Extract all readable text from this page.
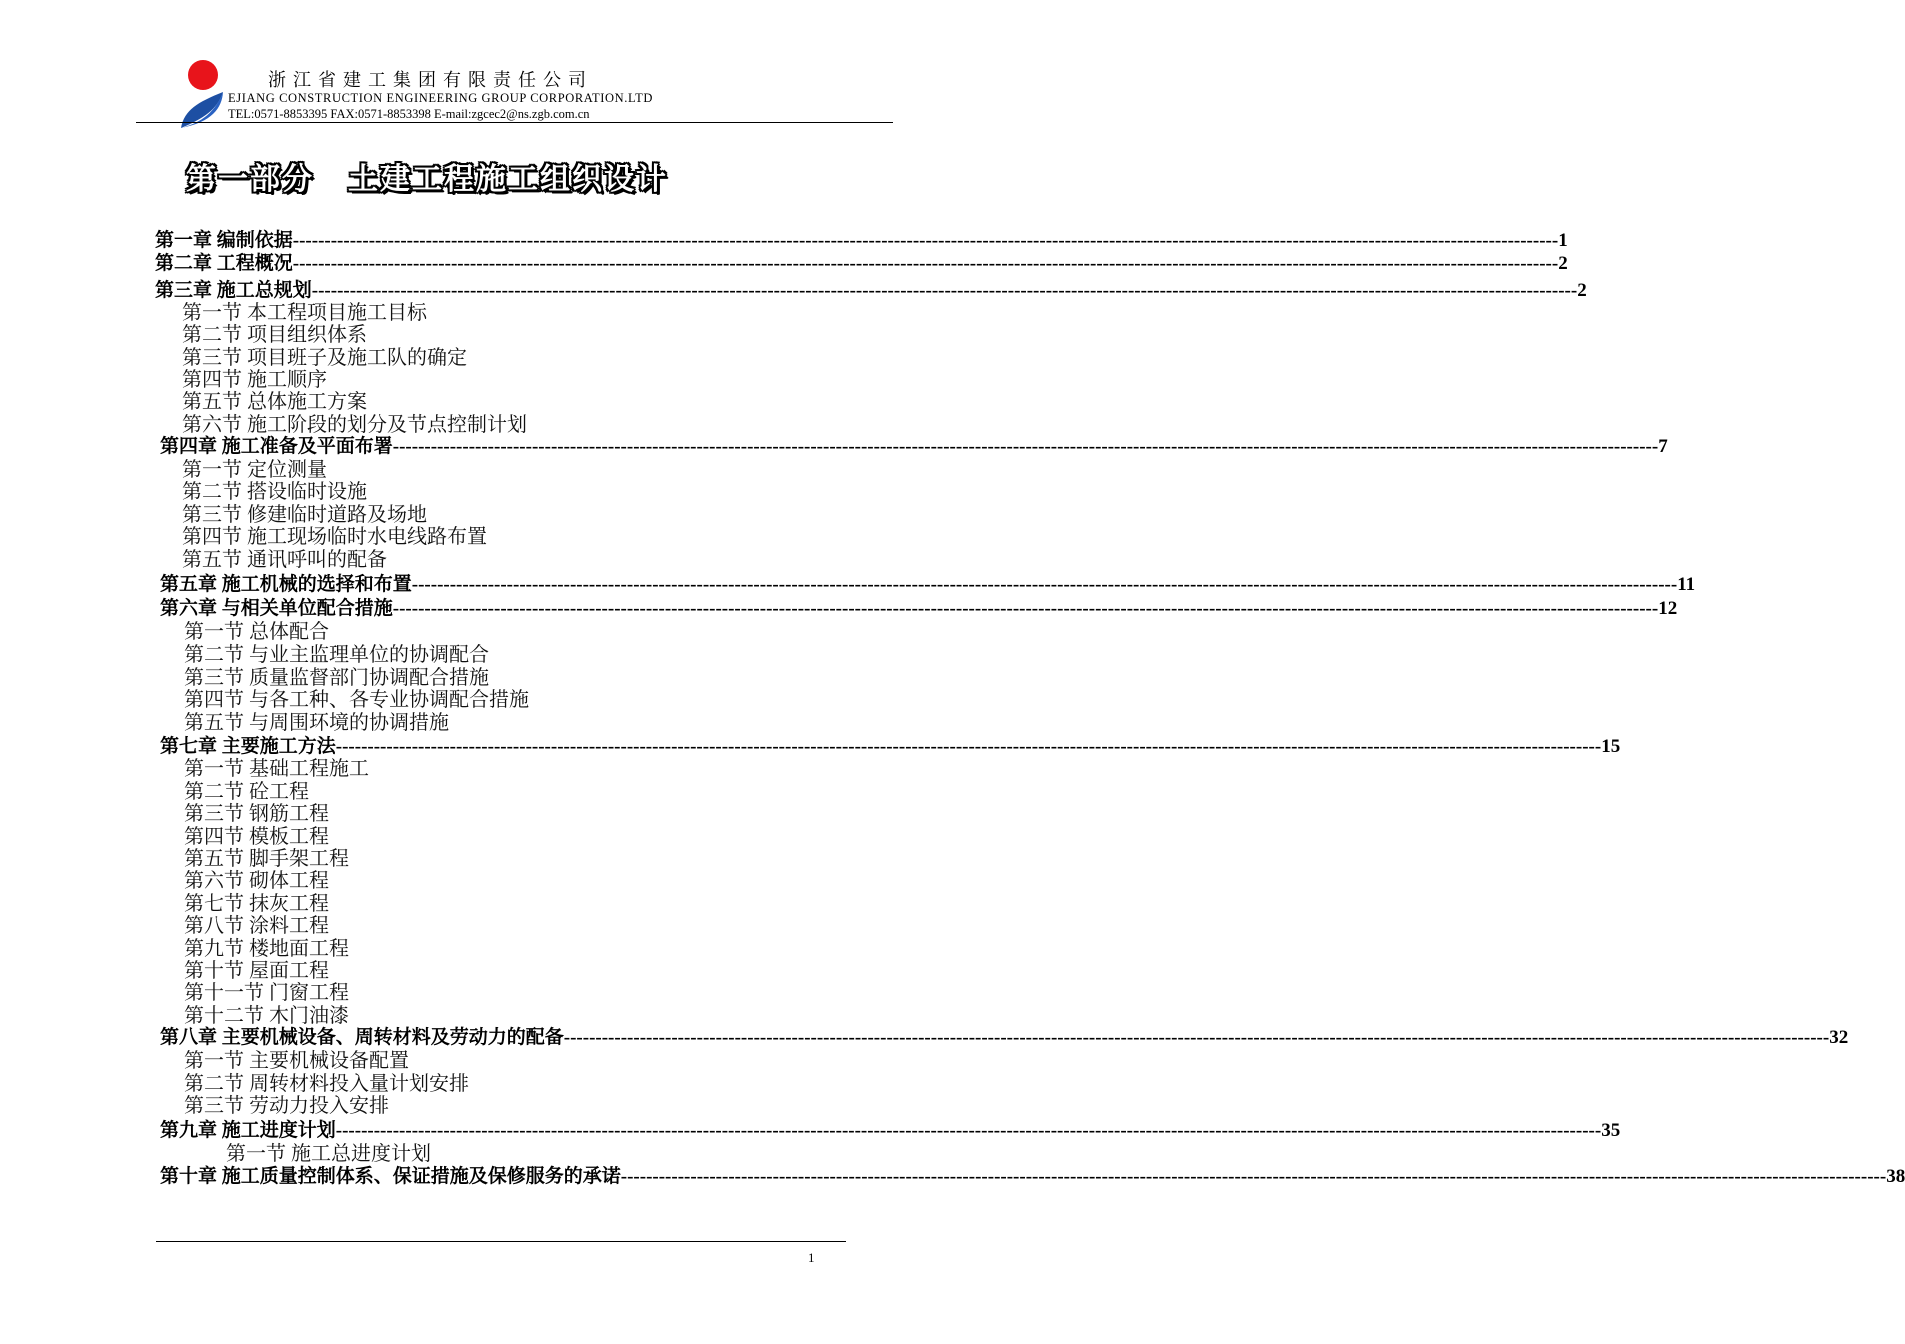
浙江省建工集团有限责任公司
EJIANG CONSTRUCTION ENGINEERING GROUP CORPORATION.LTD
TEL:0571-8853395 FAX:0571-8853398 E-mail:zgcec2@ns.zgb.com.cn
第一部分 土建工程施工组织设计
第一章 编制依据 -------------------------------------------------------------------------------------------------------------------------------------------------------------------------------------------------------- 1
第二章 工程概况 -------------------------------------------------------------------------------------------------------------------------------------------------------------------------------------------------------- 2
第三章 施工总规划 -------------------------------------------------------------------------------------------------------------------------------------------------------------------------------------------------------- 2
第一节 本工程项目施工目标
第二节 项目组织体系
第三节 项目班子及施工队的确定
第四节 施工顺序
第五节 总体施工方案
第六节 施工阶段的划分及节点控制计划
第四章 施工准备及平面布署 -------------------------------------------------------------------------------------------------------------------------------------------------------------------------------------------------------- 7
第一节 定位测量
第二节 搭设临时设施
第三节 修建临时道路及场地
第四节 施工现场临时水电线路布置
第五节 通讯呼叫的配备
第五章 施工机械的选择和布置 -------------------------------------------------------------------------------------------------------------------------------------------------------------------------------------------------------- 11
第六章 与相关单位配合措施 -------------------------------------------------------------------------------------------------------------------------------------------------------------------------------------------------------- 12
第一节 总体配合
第二节 与业主监理单位的协调配合
第三节 质量监督部门协调配合措施
第四节 与各工种、各专业协调配合措施
第五节 与周围环境的协调措施
第七章 主要施工方法 -------------------------------------------------------------------------------------------------------------------------------------------------------------------------------------------------------- 15
第一节 基础工程施工
第二节 砼工程
第三节 钢筋工程
第四节 模板工程
第五节 脚手架工程
第六节 砌体工程
第七节 抹灰工程
第八节 涂料工程
第九节 楼地面工程
第十节 屋面工程
第十一节 门窗工程
第十二节 木门油漆
第八章 主要机械设备、周转材料及劳动力的配备 -------------------------------------------------------------------------------------------------------------------------------------------------------------------------------------------------------- 32
第一节 主要机械设备配置
第二节 周转材料投入量计划安排
第三节 劳动力投入安排
第九章 施工进度计划 -------------------------------------------------------------------------------------------------------------------------------------------------------------------------------------------------------- 35
第一节 施工总进度计划
第十章 施工质量控制体系、保证措施及保修服务的承诺 -------------------------------------------------------------------------------------------------------------------------------------------------------------------------------------------------------- 38
1
